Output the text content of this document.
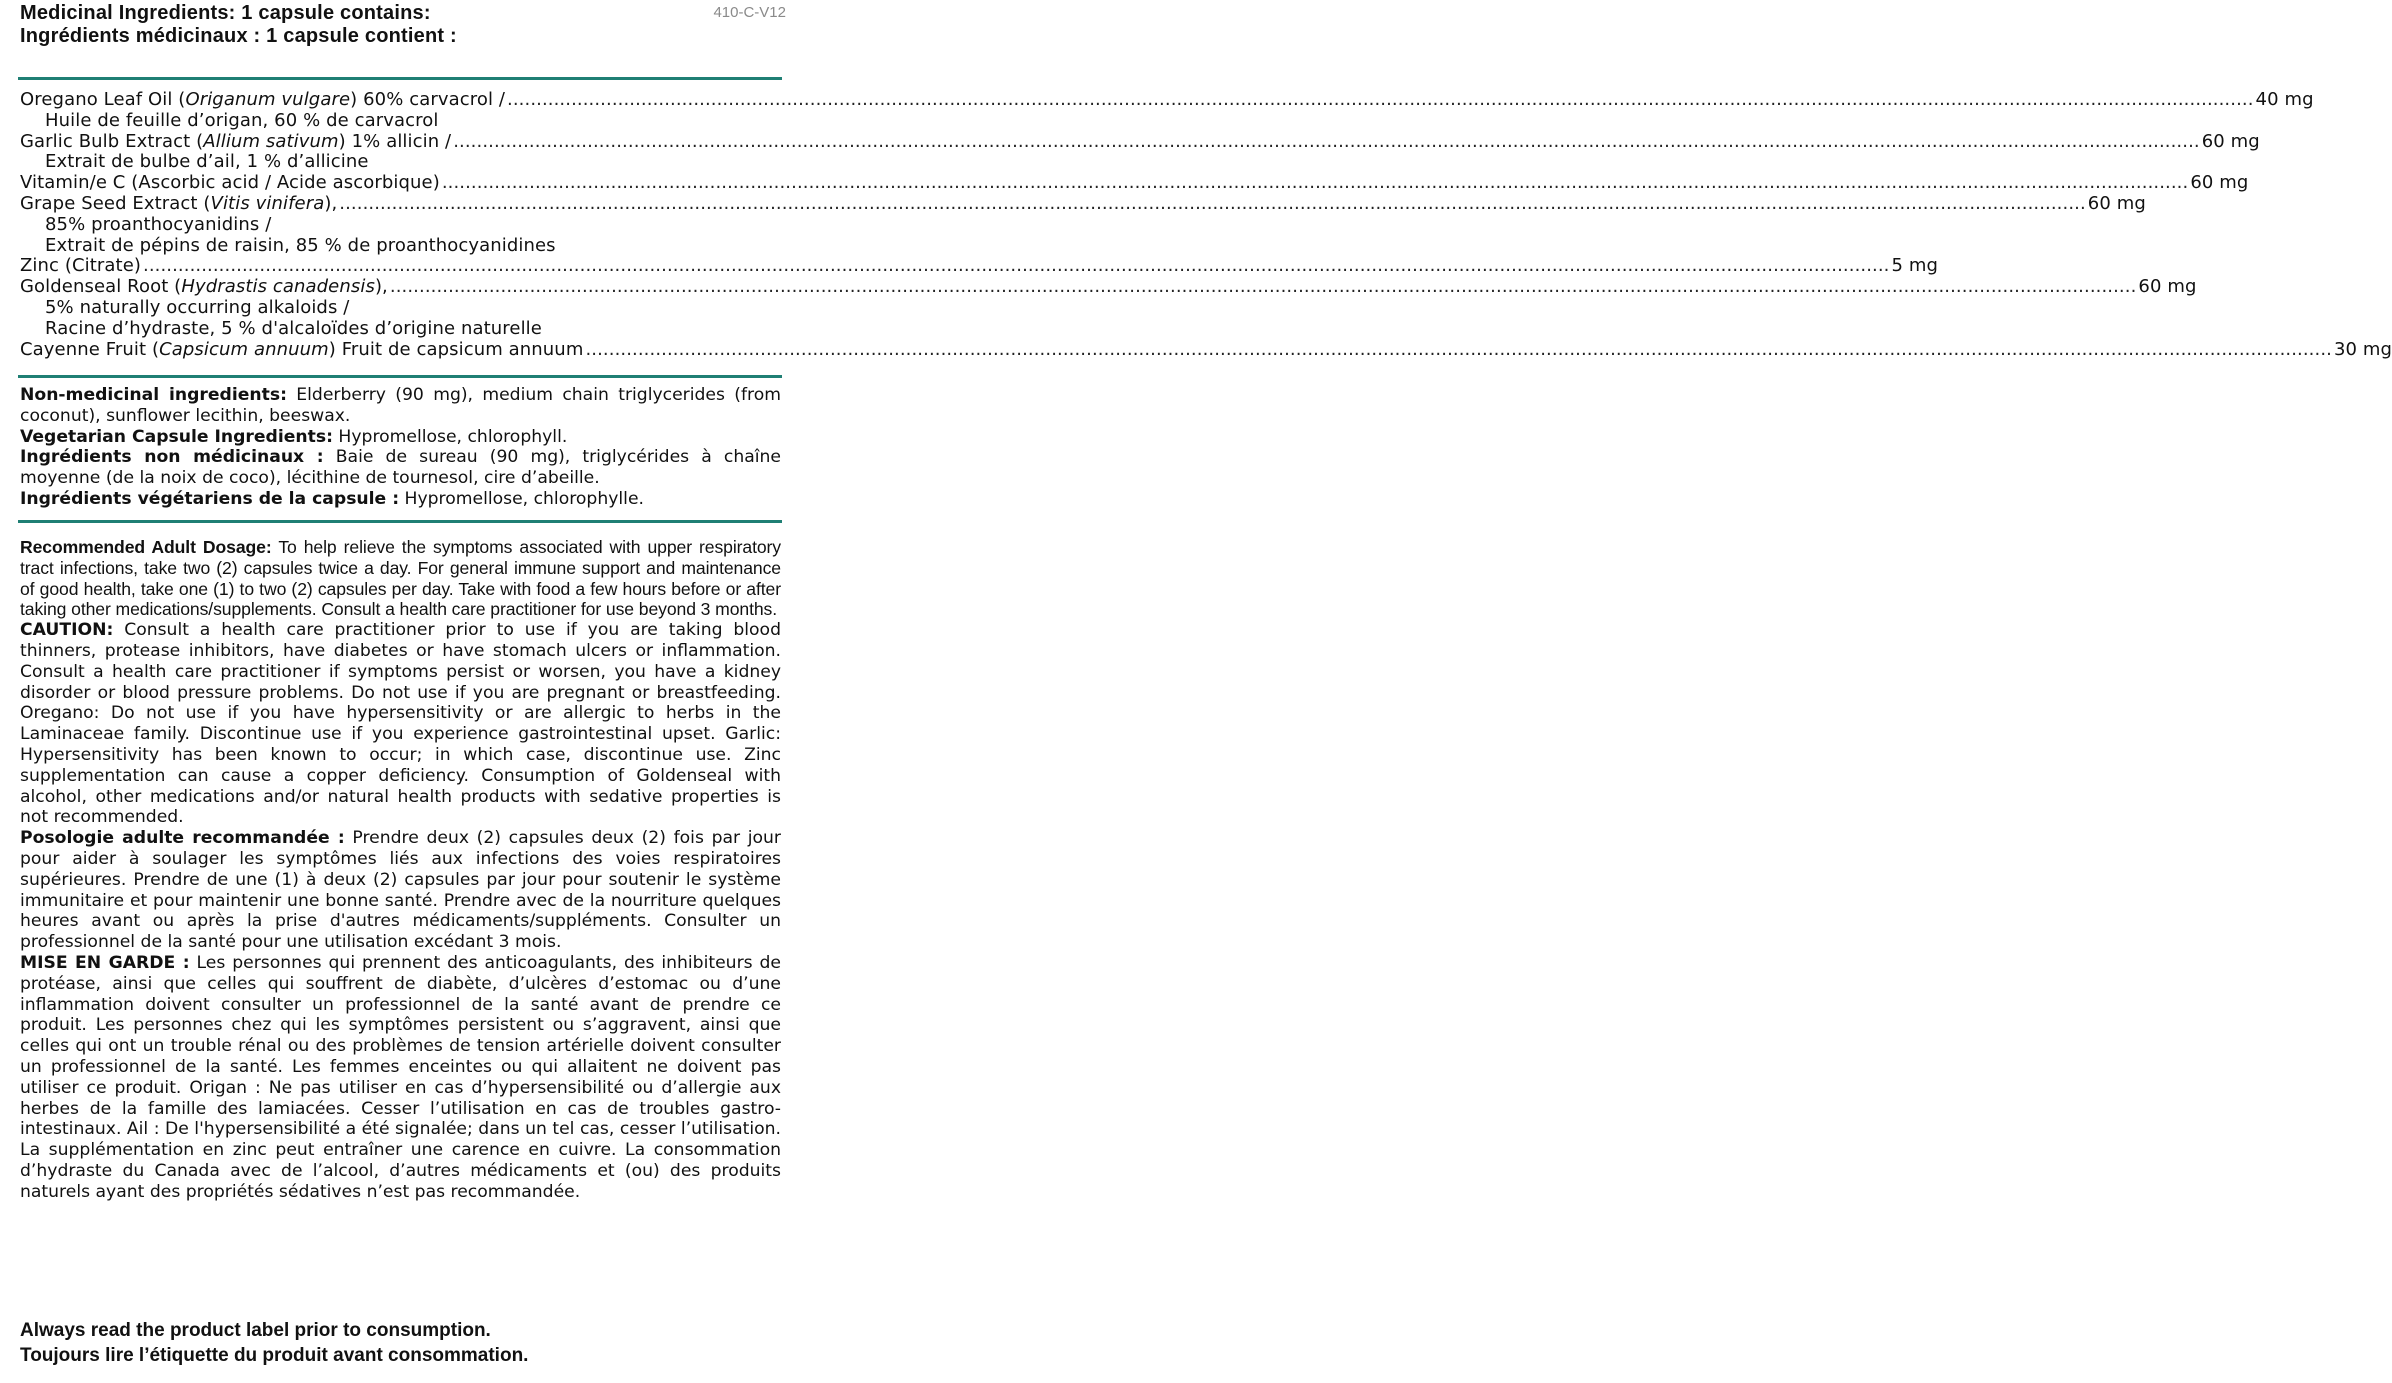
410-C-V12
Medicinal Ingredients: 1 capsule contains:
Ingrédients médicinaux : 1 capsule contient :
Oregano Leaf Oil (Origanum vulgare) 60% carvacrol / ............................................................................................................................................................................................................................................................................................................ 40 mg
Huile de feuille d’origan, 60 % de carvacrol
Garlic Bulb Extract (Allium sativum) 1% allicin / ............................................................................................................................................................................................................................................................................................................ 60 mg
Extrait de bulbe d’ail, 1 % d’allicine
Vitamin/e C (Ascorbic acid / Acide ascorbique) ............................................................................................................................................................................................................................................................................................................ 60 mg
Grape Seed Extract (Vitis vinifera), ............................................................................................................................................................................................................................................................................................................ 60 mg
85% proanthocyanidins /
Extrait de pépins de raisin, 85 % de proanthocyanidines
Zinc (Citrate) ............................................................................................................................................................................................................................................................................................................ 5 mg
Goldenseal Root (Hydrastis canadensis), ............................................................................................................................................................................................................................................................................................................ 60 mg
5% naturally occurring alkaloids /
Racine d’hydraste, 5 % d'alcaloïdes d’origine naturelle
Cayenne Fruit (Capsicum annuum) Fruit de capsicum annuum ............................................................................................................................................................................................................................................................................................................ 30 mg

Non-medicinal ingredients: Elderberry (90 mg), medium chain triglycerides (from coconut), sunflower lecithin, beeswax.

Vegetarian Capsule Ingredients: Hypromellose, chlorophyll.

Ingrédients non médicinaux : Baie de sureau (90 mg), triglycérides à chaîne moyenne (de la noix de coco), lécithine de tournesol, cire d’abeille.

Ingrédients végétariens de la capsule : Hypromellose, chlorophylle.

Recommended Adult Dosage: To help relieve the symptoms associated with upper respiratory tract infections, take two (2) capsules twice a day. For general immune support and maintenance of good health, take one (1) to two (2) capsules per day. Take with food a few hours before or after taking other medications/supplements. Consult a health care practitioner for use beyond 3 months.

CAUTION: Consult a health care practitioner prior to use if you are taking blood thinners, protease inhibitors, have diabetes or have stomach ulcers or inflammation. Consult a health care practitioner if symptoms persist or worsen, you have a kidney disorder or blood pressure problems. Do not use if you are pregnant or breastfeeding. Oregano: Do not use if you have hypersensitivity or are allergic to herbs in the Laminaceae family. Discontinue use if you experience gastrointestinal upset. Garlic: Hypersensitivity has been known to occur; in which case, discontinue use. Zinc supplementation can cause a copper deficiency. Consumption of Goldenseal with alcohol, other medications and/or natural health products with sedative properties is not recommended.

Posologie adulte recommandée : Prendre deux (2) capsules deux (2) fois par jour pour aider à soulager les symptômes liés aux infections des voies respiratoires supérieures. Prendre de une (1) à deux (2) capsules par jour pour soutenir le système immunitaire et pour maintenir une bonne santé. Prendre avec de la nourriture quelques heures avant ou après la prise d'autres médicaments/suppléments. Consulter un professionnel de la santé pour une utilisation excédant 3 mois.

MISE EN GARDE : Les personnes qui prennent des anticoagulants, des inhibiteurs de protéase, ainsi que celles qui souffrent de diabète, d’ulcères d’estomac ou d’une inflammation doivent consulter un professionnel de la santé avant de prendre ce produit. Les personnes chez qui les symptômes persistent ou s’aggravent, ainsi que celles qui ont un trouble rénal ou des problèmes de tension artérielle doivent consulter un professionnel de la santé. Les femmes enceintes ou qui allaitent ne doivent pas utiliser ce produit. Origan : Ne pas utiliser en cas d’hypersensibilité ou d’allergie aux herbes de la famille des lamiacées. Cesser l’utilisation en cas de troubles gastro-intestinaux. Ail : De l'hypersensibilité a été signalée; dans un tel cas, cesser l’utilisation. La supplémentation en zinc peut entraîner une carence en cuivre. La consommation d’hydraste du Canada avec de l’alcool, d’autres médicaments et (ou) des produits naturels ayant des propriétés sédatives n’est pas recommandée.

Always read the product label prior to consumption.
Toujours lire l’étiquette du produit avant consommation.
